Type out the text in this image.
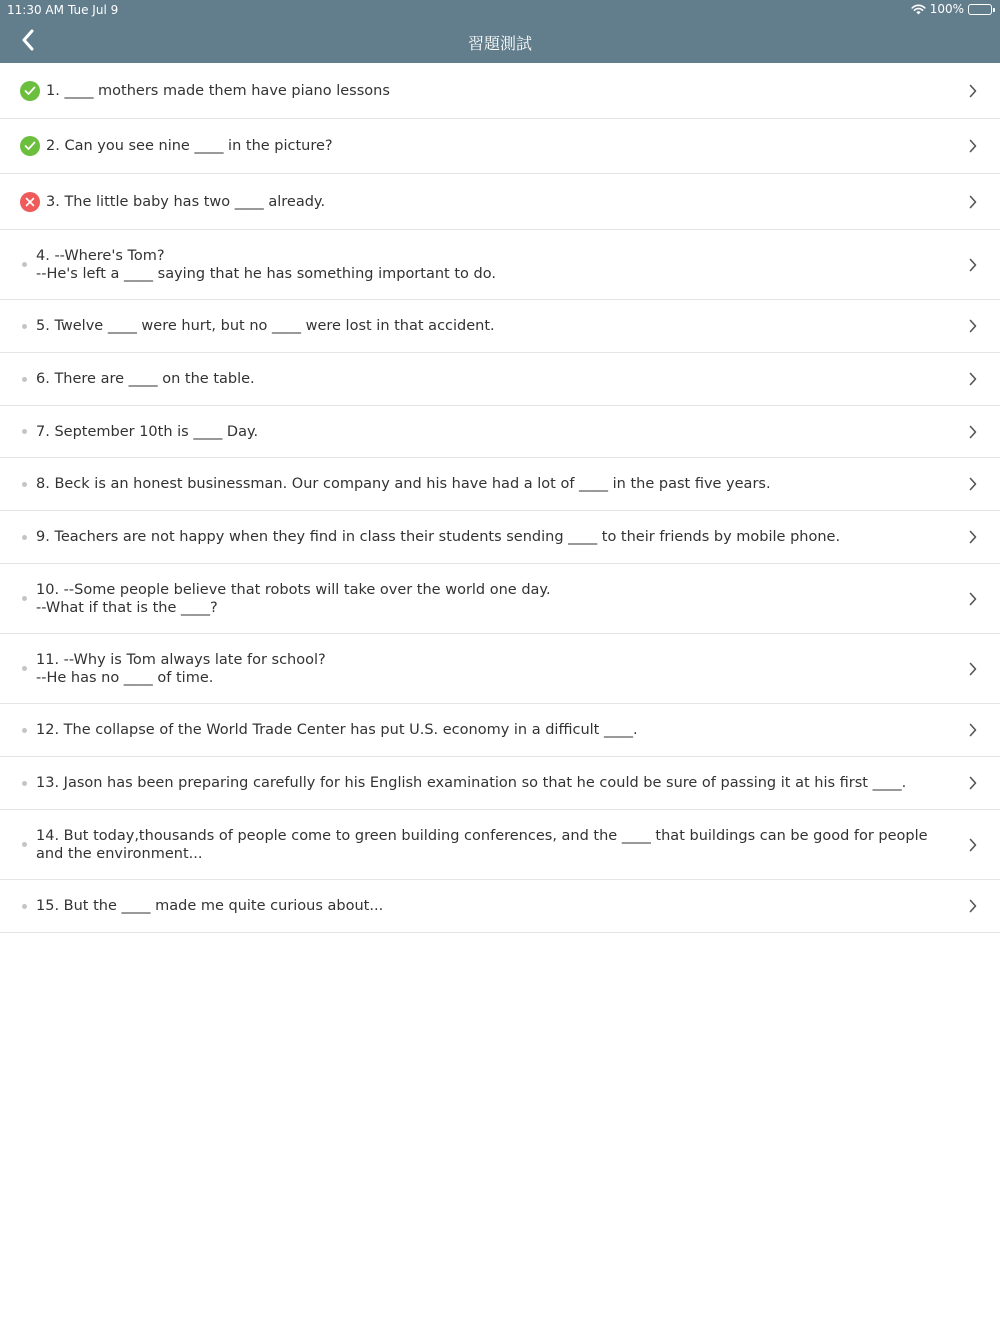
11:30 AM Tue Jul 9	100%
習題測試
1. ____ mothers made them have piano lessons
2. Can you see nine ____ in the picture?
3. The little baby has two ____ already.
4. --Where's Tom?
--He's left a ____ saying that he has something important to do.
5. Twelve ____ were hurt, but no ____ were lost in that accident.
6. There are ____ on the table.
7. September 10th is ____ Day.
8. Beck is an honest businessman. Our company and his have had a lot of ____ in the past five years.
9. Teachers are not happy when they find in class their students sending ____ to their friends by mobile phone.
10. --Some people believe that robots will take over the world one day.
--What if that is the ____?
11. --Why is Tom always late for school?
--He has no ____ of time.
12. The collapse of the World Trade Center has put U.S. economy in a difficult ____.
13. Jason has been preparing carefully for his English examination so that he could be sure of passing it at his first ____.
14. But today,thousands of people come to green building conferences, and the ____ that buildings can be good for people and the environment...
15. But the ____ made me quite curious about...
